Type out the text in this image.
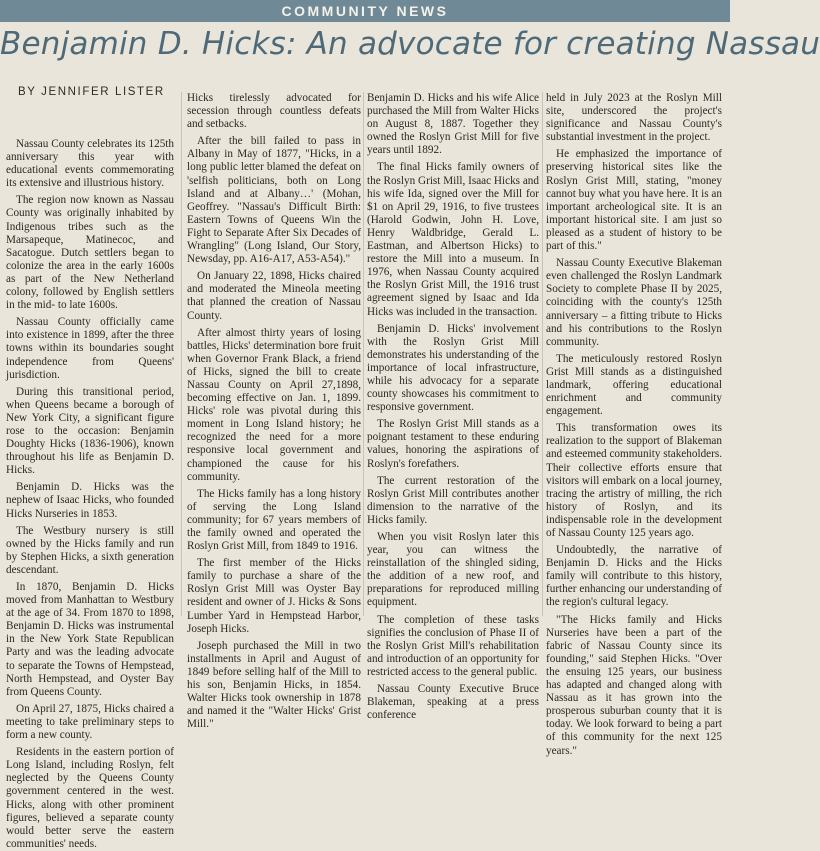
COMMUNITY NEWS
Benjamin D. Hicks: An advocate for creating Nassau
BY JENNIFER LISTER

Nassau County celebrates its 125th anniversary this year with educational events commemorating its extensive and illustrious history.

The region now known as Nassau County was originally inhabited by Indigenous tribes such as the Marsapeque, Matinecoc, and Sacatogue. Dutch settlers began to colonize the area in the early 1600s as part of the New Netherland colony, followed by English settlers in the mid- to late 1600s.

Nassau County officially came into existence in 1899, after the three towns within its boundaries sought independence from Queens' jurisdiction.

During this transitional period, when Queens became a borough of New York City, a significant figure rose to the occasion: Benjamin Doughty Hicks (1836-1906), known throughout his life as Benjamin D. Hicks.

Benjamin D. Hicks was the nephew of Isaac Hicks, who founded Hicks Nurseries in 1853.

The Westbury nursery is still owned by the Hicks family and run by Stephen Hicks, a sixth generation descendant.

In 1870, Benjamin D. Hicks moved from Manhattan to Westbury at the age of 34. From 1870 to 1898, Benjamin D. Hicks was instrumental in the New York State Republican Party and was the leading advocate to separate the Towns of Hempstead, North Hempstead, and Oyster Bay from Queens County.

On April 27, 1875, Hicks chaired a meeting to take preliminary steps to form a new county.

Residents in the eastern portion of Long Island, including Roslyn, felt neglected by the Queens County government centered in the west. Hicks, along with other prominent figures, believed a separate county would better serve the eastern communities' needs.

Hicks tirelessly advocated for secession through countless defeats and setbacks.

After the bill failed to pass in Albany in May of 1877, "Hicks, in a long public letter blamed the defeat on 'selfish politicians, both on Long Island and at Albany…' (Mohan, Geoffrey. "Nassau's Difficult Birth: Eastern Towns of Queens Win the Fight to Separate After Six Decades of Wrangling" (Long Island, Our Story, Newsday, pp. A16-A17, A53-A54)."

On January 22, 1898, Hicks chaired and moderated the Mineola meeting that planned the creation of Nassau County.

After almost thirty years of losing battles, Hicks' determination bore fruit when Governor Frank Black, a friend of Hicks, signed the bill to create Nassau County on April 27,1898, becoming effective on Jan. 1, 1899. Hicks' role was pivotal during this moment in Long Island history; he recognized the need for a more responsive local government and championed the cause for his community.

The Hicks family has a long history of serving the Long Island community; for 67 years members of the family owned and operated the Roslyn Grist Mill, from 1849 to 1916.

The first member of the Hicks family to purchase a share of the Roslyn Grist Mill was Oyster Bay resident and owner of J. Hicks & Sons Lumber Yard in Hempstead Harbor, Joseph Hicks.

Joseph purchased the Mill in two installments in April and August of 1849 before selling half of the Mill to his son, Benjamin Hicks, in 1854. Walter Hicks took ownership in 1878 and named it the "Walter Hicks' Grist Mill."

Benjamin D. Hicks and his wife Alice purchased the Mill from Walter Hicks on August 8, 1887. Together they owned the Roslyn Grist Mill for five years until 1892.

The final Hicks family owners of the Roslyn Grist Mill, Isaac Hicks and his wife Ida, signed over the Mill for $1 on April 29, 1916, to five trustees (Harold Godwin, John H. Love, Henry Waldbridge, Gerald L. Eastman, and Albertson Hicks) to restore the Mill into a museum. In 1976, when Nassau County acquired the Roslyn Grist Mill, the 1916 trust agreement signed by Isaac and Ida Hicks was included in the transaction.

Benjamin D. Hicks' involvement with the Roslyn Grist Mill demonstrates his understanding of the importance of local infrastructure, while his advocacy for a separate county showcases his commitment to responsive government.

The Roslyn Grist Mill stands as a poignant testament to these enduring values, honoring the aspirations of Roslyn's forefathers.

The current restoration of the Roslyn Grist Mill contributes another dimension to the narrative of the Hicks family.

When you visit Roslyn later this year, you can witness the reinstallation of the shingled siding, the addition of a new roof, and preparations for reproduced milling equipment.

The completion of these tasks signifies the conclusion of Phase II of the Roslyn Grist Mill's rehabilitation and introduction of an opportunity for restricted access to the general public.

Nassau County Executive Bruce Blakeman, speaking at a press conference

held in July 2023 at the Roslyn Mill site, underscored the project's significance and Nassau County's substantial investment in the project.

He emphasized the importance of preserving historical sites like the Roslyn Grist Mill, stating, "money cannot buy what you have here. It is an important archeological site. It is an important historical site. I am just so pleased as a student of history to be part of this."

Nassau County Executive Blakeman even challenged the Roslyn Landmark Society to complete Phase II by 2025, coinciding with the county's 125th anniversary – a fitting tribute to Hicks and his contributions to the Roslyn community.

The meticulously restored Roslyn Grist Mill stands as a distinguished landmark, offering educational enrichment and community engagement.

This transformation owes its realization to the support of Blakeman and esteemed community stakeholders. Their collective efforts ensure that visitors will embark on a local journey, tracing the artistry of milling, the rich history of Roslyn, and its indispensable role in the development of Nassau County 125 years ago.

Undoubtedly, the narrative of Benjamin D. Hicks and the Hicks family will contribute to this history, further enhancing our understanding of the region's cultural legacy.

"The Hicks family and Hicks Nurseries have been a part of the fabric of Nassau County since its founding," said Stephen Hicks. "Over the ensuing 125 years, our business has adapted and changed along with Nassau as it has grown into the prosperous suburban county that it is today. We look forward to being a part of this community for the next 125 years."
